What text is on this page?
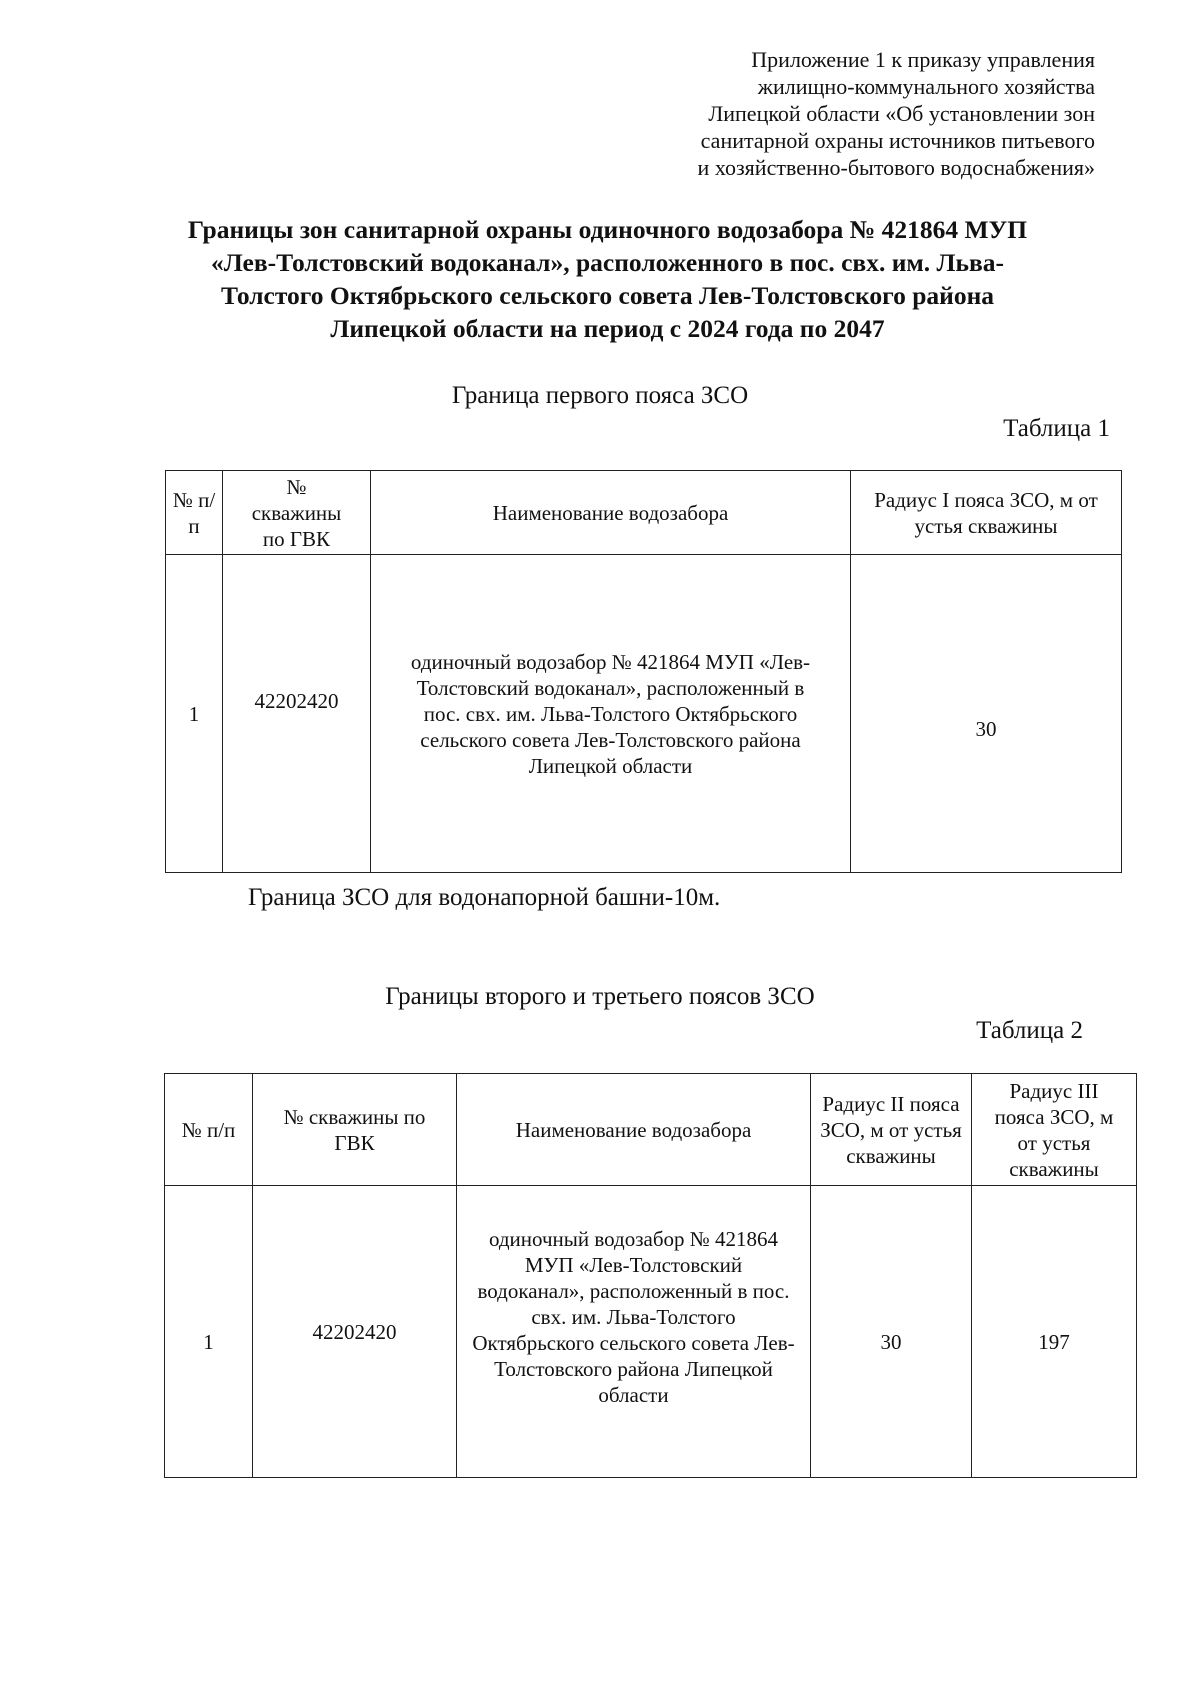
Приложение 1 к приказу управления
жилищно-коммунального хозяйства
Липецкой области «Об установлении зон
санитарной охраны источников питьевого
и хозяйственно-бытового водоснабжения»
Границы зон санитарной охраны одиночного водозабора № 421864 МУП
«Лев-Толстовский водоканал», расположенного в пос. свх. им. Льва-
Толстого Октябрьского сельского совета Лев-Толстовского района
Липецкой области на период с 2024 года по 2047
Граница первого пояса ЗСО
Таблица 1
№ п/п	№ скважины по ГВК	Наименование водозабора	Радиус I пояса ЗСО, м от устья скважины
1	42202420	одиночный водозабор № 421864 МУП «Лев-Толстовский водоканал», расположенный в пос. свх. им. Льва-Толстого Октябрьского сельского совета Лев-Толстовского района Липецкой области	30
Граница ЗСО для водонапорной башни-10м.
Границы второго и третьего поясов ЗСО
Таблица 2
№ п/п	№ скважины по ГВК	Наименование водозабора	Радиус II пояса ЗСО, м от устья скважины	Радиус III пояса ЗСО, м от устья скважины
1	42202420	одиночный водозабор № 421864 МУП «Лев-Толстовский водоканал», расположенный в пос. свх. им. Льва-Толстого Октябрьского сельского совета Лев-Толстовского района Липецкой области	30	197
